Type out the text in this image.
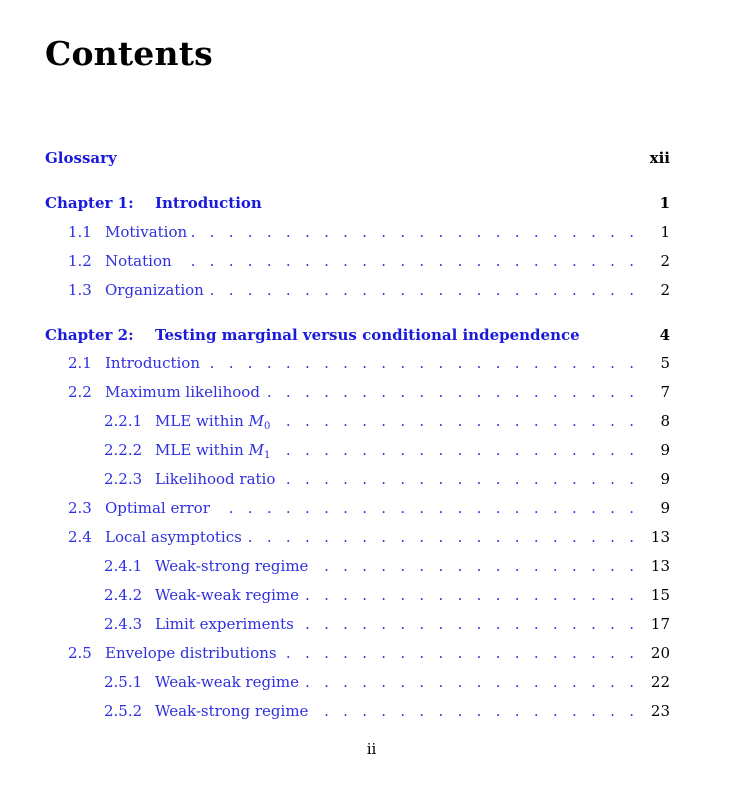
Contents
Glossary	xii
Chapter 1: Introduction	1
1.1 .   . Motivation	1
1.2 .   . Notation	2
1.3 .   . Organization	2
Chapter 2: Testing marginal versus conditional independence	4
2.1 .   . Introduction	5
2.2 .   . Maximum likelihood	7
2.2.1 .   . MLE within $M_0$	8
2.2.2 .   . MLE within $M_1$	9
2.2.3 .   . Likelihood ratio	9
2.3 .   . Optimal error	9
2.4 .   . Local asymptotics	13
2.4.1 .   . Weak-strong regime	13
2.4.2 .   . Weak-weak regime	15
2.4.3 .   . Limit experiments	17
2.5 .   . Envelope distributions	20
2.5.1 .   . Weak-weak regime	22
2.5.2 .   . Weak-strong regime	23
ii
